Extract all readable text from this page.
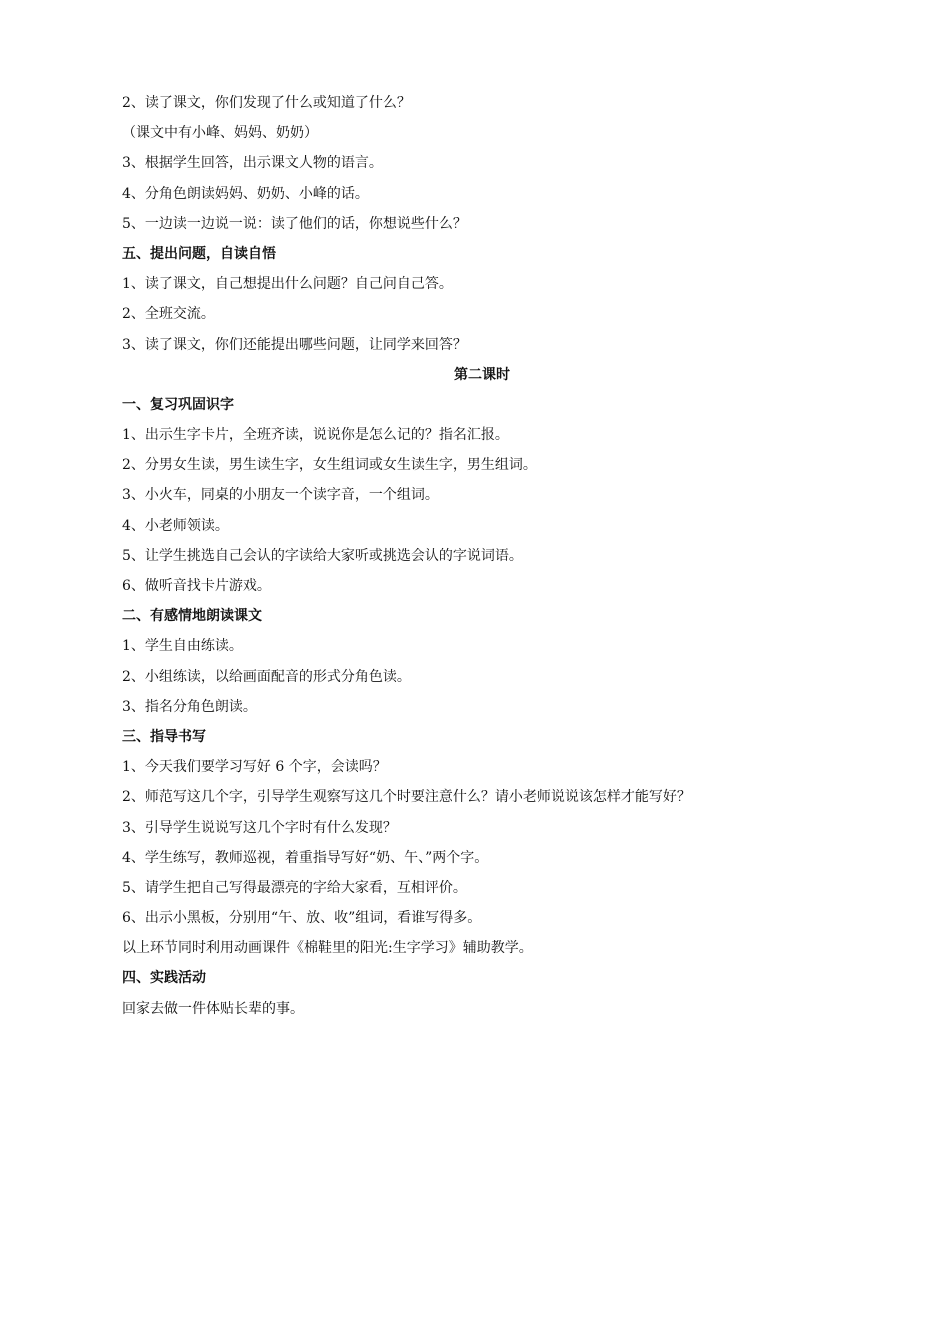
2、读了课文，你们发现了什么或知道了什么？
（课文中有小峰、妈妈、奶奶）
3、根据学生回答，出示课文人物的语言。
4、分角色朗读妈妈、奶奶、小峰的话。
5、一边读一边说一说：读了他们的话，你想说些什么？
五、提出问题，自读自悟
1、读了课文，自己想提出什么问题？自己问自己答。
2、全班交流。
3、读了课文，你们还能提出哪些问题，让同学来回答？
第二课时
一、复习巩固识字
1、出示生字卡片，全班齐读，说说你是怎么记的？指名汇报。
2、分男女生读，男生读生字，女生组词或女生读生字，男生组词。
3、小火车，同桌的小朋友一个读字音，一个组词。
4、小老师领读。
5、让学生挑选自己会认的字读给大家听或挑选会认的字说词语。
6、做听音找卡片游戏。
二、有感情地朗读课文
1、学生自由练读。
2、小组练读，以给画面配音的形式分角色读。
3、指名分角色朗读。
三、指导书写
1、今天我们要学习写好 6 个字，会读吗？
2、师范写这几个字，引导学生观察写这几个时要注意什么？请小老师说说该怎样才能写好？
3、引导学生说说写这几个字时有什么发现？
4、学生练写，教师巡视，着重指导写好“奶、午、”两个字。
5、请学生把自己写得最漂亮的字给大家看，互相评价。
6、出示小黑板，分别用“午、放、收”组词，看谁写得多。
以上环节同时利用动画课件《棉鞋里的阳光:生字学习》辅助教学。
四、实践活动
回家去做一件体贴长辈的事。
